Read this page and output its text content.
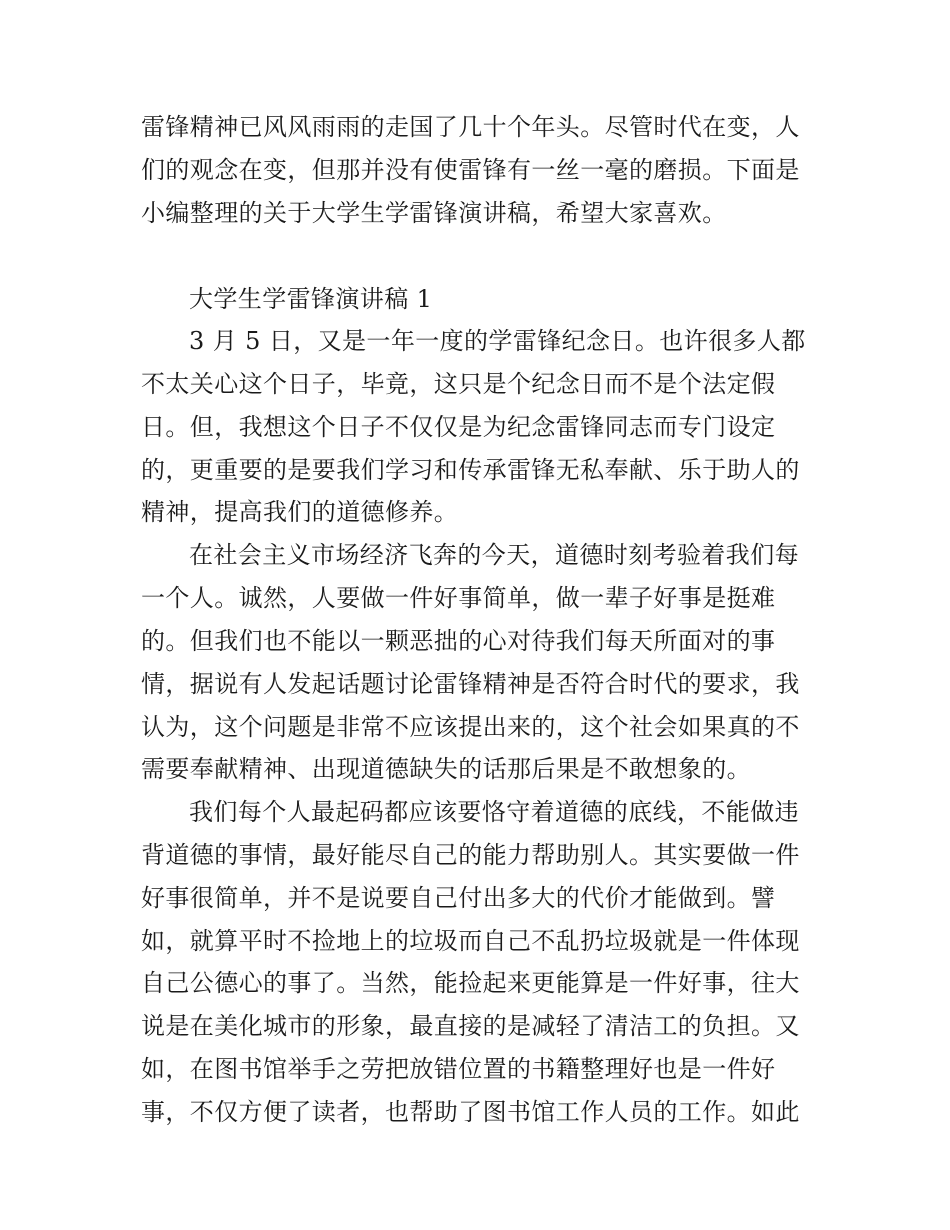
雷锋精神已风风雨雨的走国了几十个年头。尽管时代在变，人
们的观念在变，但那并没有使雷锋有一丝一毫的磨损。下面是
小编整理的关于大学生学雷锋演讲稿，希望大家喜欢。
大学生学雷锋演讲稿 1
3 月 5 日，又是一年一度的学雷锋纪念日。也许很多人都
不太关心这个日子，毕竟，这只是个纪念日而不是个法定假
日。但，我想这个日子不仅仅是为纪念雷锋同志而专门设定
的，更重要的是要我们学习和传承雷锋无私奉献、乐于助人的
精神，提高我们的道德修养。
在社会主义市场经济飞奔的今天，道德时刻考验着我们每
一个人。诚然，人要做一件好事简单，做一辈子好事是挺难
的。但我们也不能以一颗恶拙的心对待我们每天所面对的事
情，据说有人发起话题讨论雷锋精神是否符合时代的要求，我
认为，这个问题是非常不应该提出来的，这个社会如果真的不
需要奉献精神、出现道德缺失的话那后果是不敢想象的。
我们每个人最起码都应该要恪守着道德的底线，不能做违
背道德的事情，最好能尽自己的能力帮助别人。其实要做一件
好事很简单，并不是说要自己付出多大的代价才能做到。譬
如，就算平时不捡地上的垃圾而自己不乱扔垃圾就是一件体现
自己公德心的事了。当然，能捡起来更能算是一件好事，往大
说是在美化城市的形象，最直接的是减轻了清洁工的负担。又
如，在图书馆举手之劳把放错位置的书籍整理好也是一件好
事，不仅方便了读者，也帮助了图书馆工作人员的工作。如此
